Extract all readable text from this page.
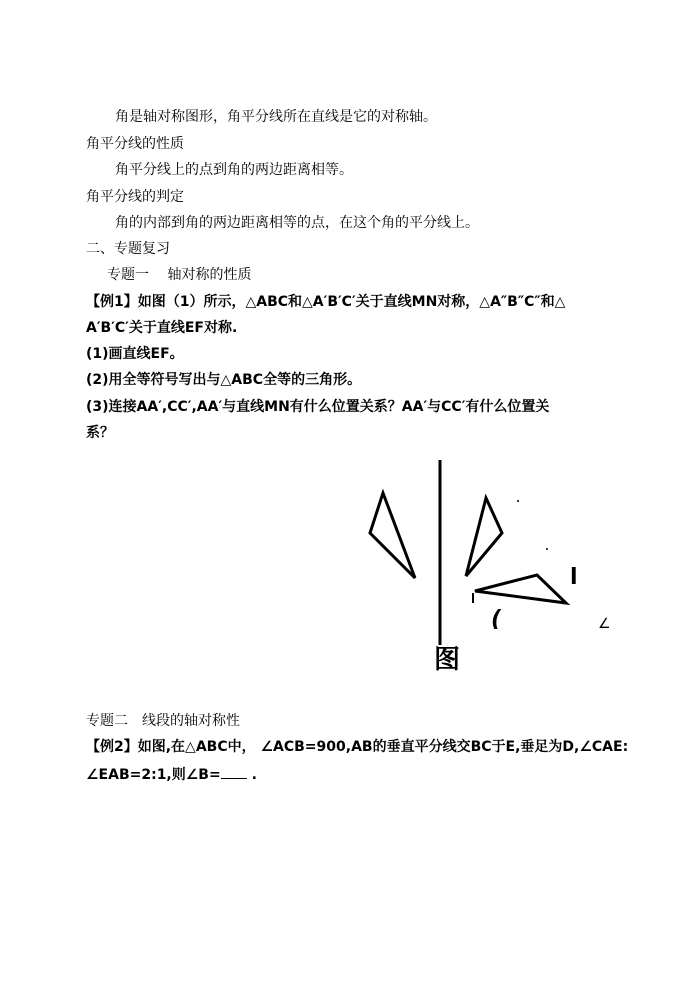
角是轴对称图形，角平分线所在直线是它的对称轴。
角平分线的性质
角平分线上的点到角的两边距离相等。
角平分线的判定
角的内部到角的两边距离相等的点，在这个角的平分线上。
二、专题复习
专题一　 轴对称的性质
【例1】如图（1）所示，△ABC和△A′B′C′关于直线MN对称，△A″B″C″和△
A′B′C′关于直线EF对称.
(1)画直线EF。
(2)用全等符号写出与△ABC全等的三角形。
(3)连接AA′,CC′,AA′与直线MN有什么位置关系？AA′与CC′有什么位置关
系？
l
(	∠
图
专题二　线段的轴对称性
【例2】如图,在△ABC中， ∠ACB=900,AB的垂直平分线交BC于E,垂足为D,∠CAE:
∠EAB=2:1,则∠B= .
